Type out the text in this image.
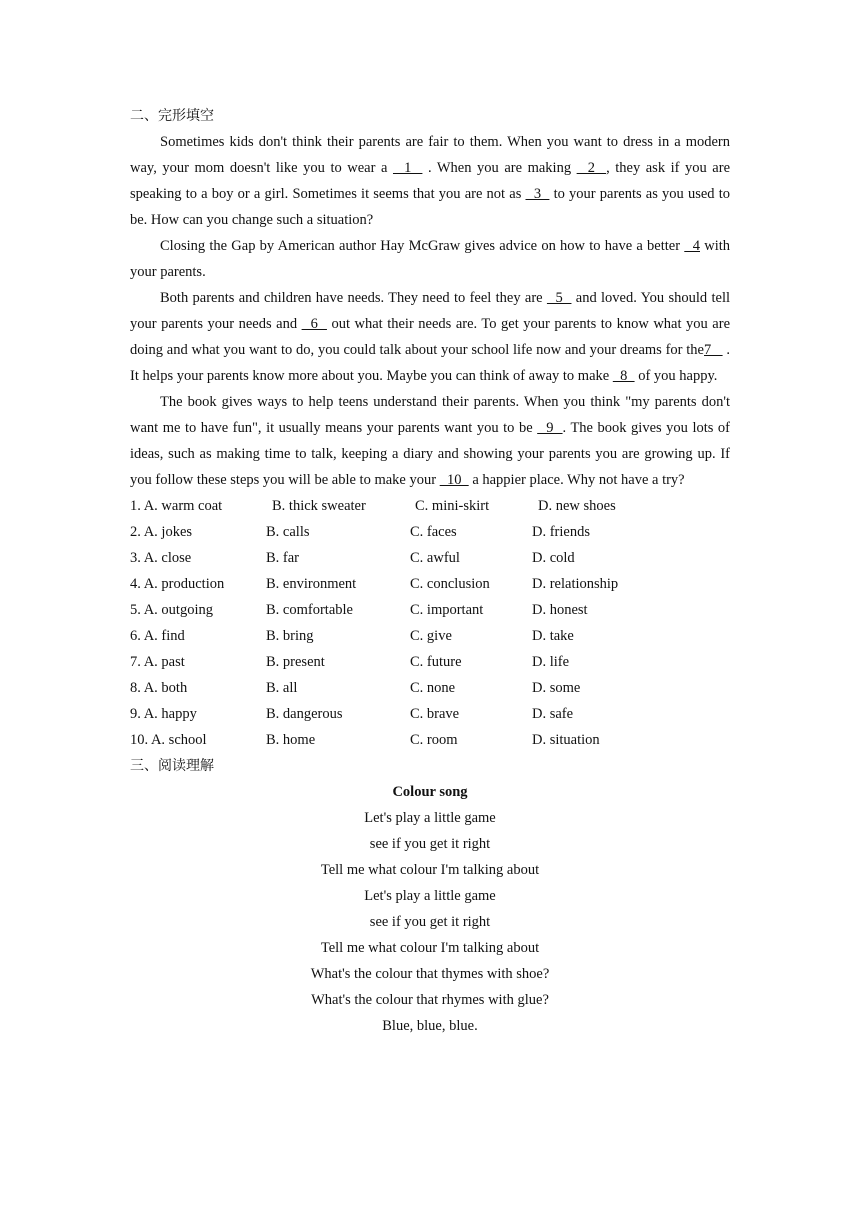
二、完形填空

Sometimes kids don't think their parents are fair to them. When you want to dress in a modern way, your mom doesn't like you to wear a   1   . When you are making   2  , they ask if you are speaking to a boy or a girl. Sometimes it seems that you are not as   3   to your parents as you used to be. How can you change such a situation?

Closing the Gap by American author Hay McGraw gives advice on how to have a better   4 with your parents.

Both parents and children have needs. They need to feel they are   5   and loved. You should tell your parents your needs and   6   out what their needs are. To get your parents to know what you are doing and what you want to do, you could talk about your school life now and your dreams for the7    . It helps your parents know more about you. Maybe you can think of away to make   8   of you happy.

The book gives ways to help teens understand their parents. When you think "my parents don't want me to have fun", it usually means your parents want you to be   9  . The book gives you lots of ideas, such as making time to talk, keeping a diary and showing your parents you are growing up. If you follow these steps you will be able to make your   10   a happier place. Why not have a try?

1. A. warm coat	B. thick sweater	C. mini-skirt	D. new shoes
2. A. jokes	B. calls	C. faces	D. friends
3. A. close	B. far	C. awful	D. cold
4. A. production	B. environment	C. conclusion	D. relationship
5. A. outgoing	B. comfortable	C. important	D. honest
6. A. find	B. bring	C. give	D. take
7. A. past	B. present	C. future	D. life
8. A. both	B. all	C. none	D. some
9. A. happy	B. dangerous	C. brave	D. safe
10. A. school	B. home	C. room	D. situation
三、阅读理解
Colour song
Let's play a little game
see if you get it right
Tell me what colour I'm talking about
Let's play a little game
see if you get it right
Tell me what colour I'm talking about
What's the colour that thymes with shoe?
What's the colour that rhymes with glue?
Blue, blue, blue.
